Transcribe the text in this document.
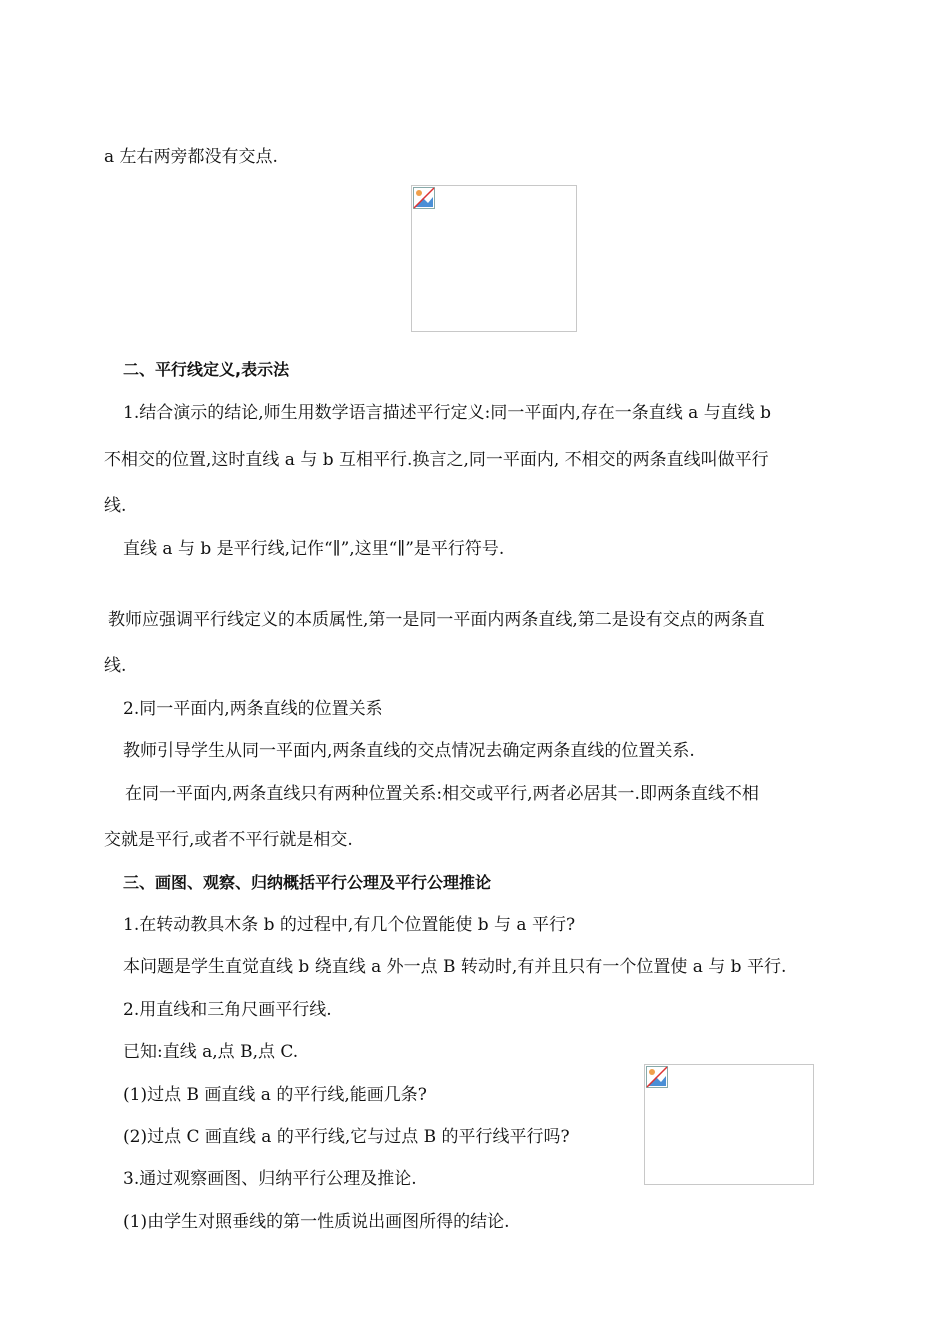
a 左右两旁都没有交点.
二、平行线定义,表示法
1.结合演示的结论,师生用数学语言描述平行定义:同一平面内,存在一条直线 a 与直线 b
不相交的位置,这时直线 a 与 b 互相平行.换言之,同一平面内, 不相交的两条直线叫做平行
线.
直线 a 与 b 是平行线,记作“∥”,这里“∥”是平行符号.
教师应强调平行线定义的本质属性,第一是同一平面内两条直线,第二是设有交点的两条直
线.
2.同一平面内,两条直线的位置关系
教师引导学生从同一平面内,两条直线的交点情况去确定两条直线的位置关系.
在同一平面内,两条直线只有两种位置关系:相交或平行,两者必居其一.即两条直线不相
交就是平行,或者不平行就是相交.
三、画图、观察、归纳概括平行公理及平行公理推论
1.在转动教具木条 b 的过程中,有几个位置能使 b 与 a 平行?
本问题是学生直觉直线 b 绕直线 a 外一点 B 转动时,有并且只有一个位置使 a 与 b 平行.
2.用直线和三角尺画平行线.
已知:直线 a,点 B,点 C.
(1)过点 B 画直线 a 的平行线,能画几条?
(2)过点 C 画直线 a 的平行线,它与过点 B 的平行线平行吗?
3.通过观察画图、归纳平行公理及推论.
(1)由学生对照垂线的第一性质说出画图所得的结论.
